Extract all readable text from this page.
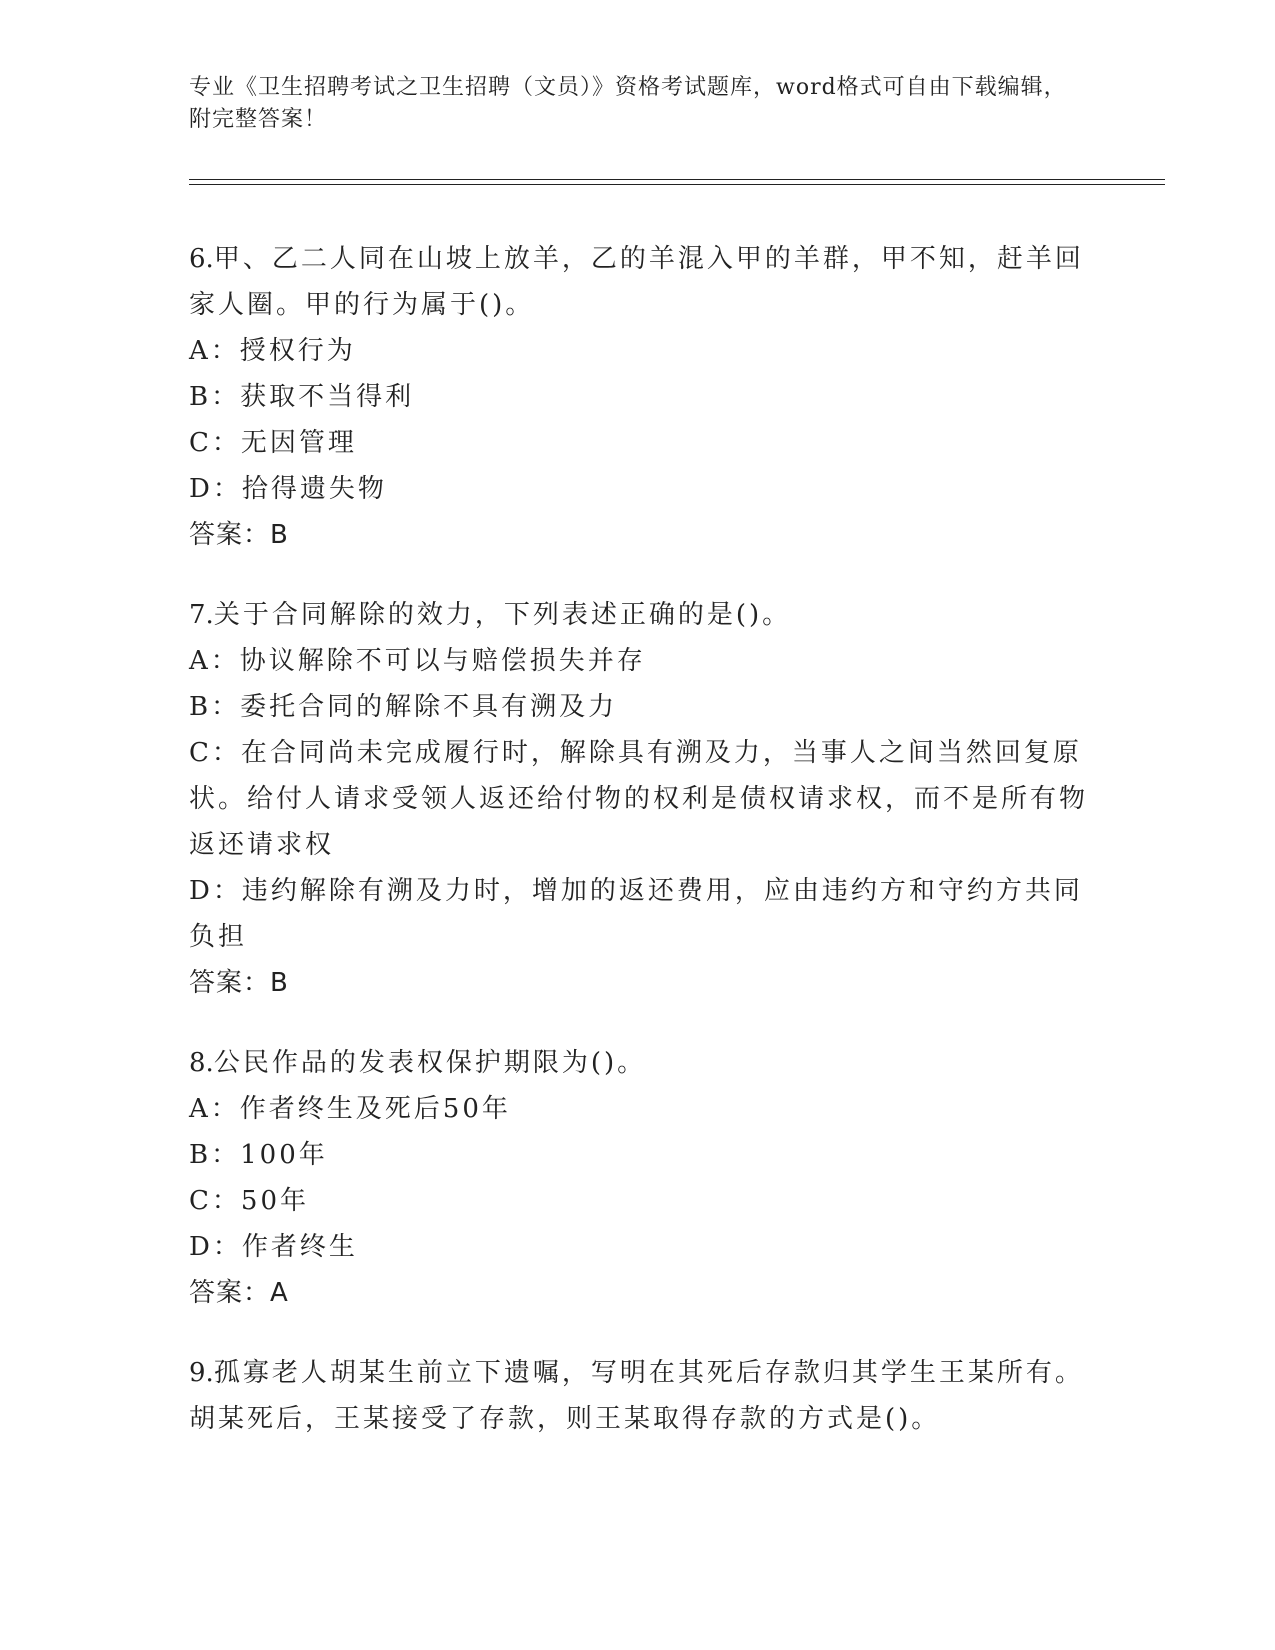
专业《卫生招聘考试之卫生招聘（文员）》资格考试题库，word格式可自由下载编辑，附完整答案！

6.甲、乙二人同在山坡上放羊，乙的羊混入甲的羊群，甲不知，赶羊回家人圈。甲的行为属于()。

A： 授权行为

B： 获取不当得利

C： 无因管理

D： 拾得遗失物

答案：B

7.关于合同解除的效力，下列表述正确的是()。

A： 协议解除不可以与赔偿损失并存

B： 委托合同的解除不具有溯及力

C：在合同尚未完成履行时，解除具有溯及力，当事人之间当然回复原状。给付人请求受领人返还给付物的权利是债权请求权，而不是所有物返还请求权

D：违约解除有溯及力时，增加的返还费用，应由违约方和守约方共同负担

答案：B

8.公民作品的发表权保护期限为()。

A： 作者终生及死后50年

B： 100年

C： 50年

D： 作者终生

答案：A

9.孤寡老人胡某生前立下遗嘱，写明在其死后存款归其学生王某所有。胡某死后，王某接受了存款，则王某取得存款的方式是()。
